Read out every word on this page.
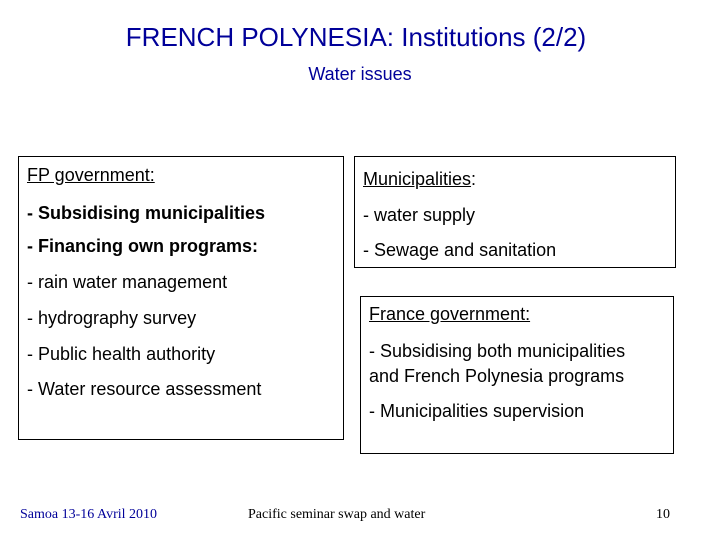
FRENCH POLYNESIA: Institutions (2/2)
Water issues
FP government:
- Subsidising municipalities
- Financing own programs:
- rain water management
- hydrography survey
- Public health authority
- Water resource assessment
Municipalities:
- water supply
- Sewage and sanitation
France government:
- Subsidising both municipalities
and French Polynesia programs
- Municipalities supervision
Samoa 13-16 Avril 2010	Pacific seminar swap and water	10
